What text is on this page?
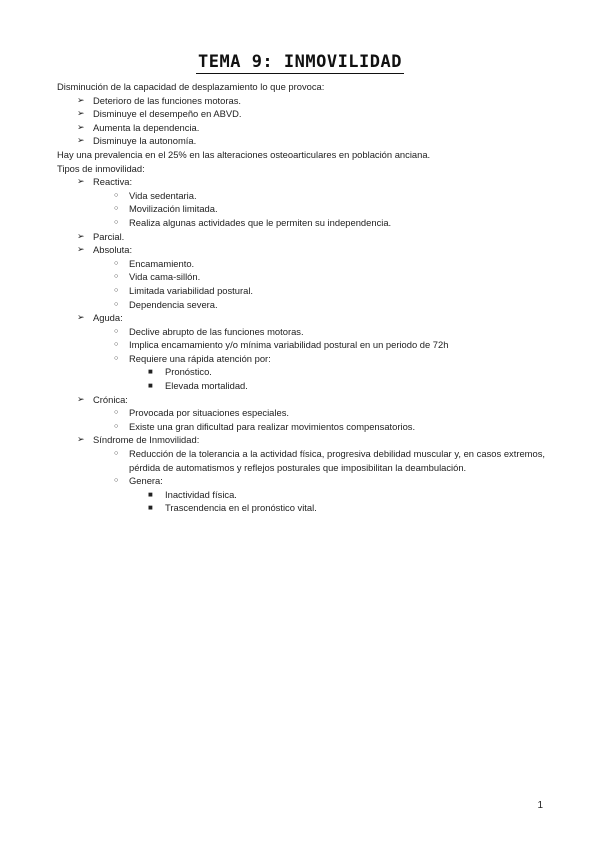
TEMA 9: INMOVILIDAD
Disminución de la capacidad de desplazamiento lo que provoca:
➢ Deterioro de las funciones motoras.
➢ Disminuye el desempeño en ABVD.
➢ Aumenta la dependencia.
➢ Disminuye la autonomía.
Hay una prevalencia en el 25% en las alteraciones osteoarticulares en población anciana.
Tipos de inmovilidad:
➢ Reactiva:
○ Vida sedentaria.
○ Movilización limitada.
○ Realiza algunas actividades que le permiten su independencia.
➢ Parcial.
➢ Absoluta:
○ Encamamiento.
○ Vida cama-sillón.
○ Limitada variabilidad postural.
○ Dependencia severa.
➢ Aguda:
○ Declive abrupto de las funciones motoras.
○ Implica encamamiento y/o mínima variabilidad postural en un periodo de 72h
○ Requiere una rápida atención por:
■ Pronóstico.
■ Elevada mortalidad.
➢ Crónica:
○ Provocada por situaciones especiales.
○ Existe una gran dificultad para realizar movimientos compensatorios.
➢ Síndrome de Inmovilidad:
○ Reducción de la tolerancia a la actividad física, progresiva debilidad muscular y, en casos extremos, pérdida de automatismos y reflejos posturales que imposibilitan la deambulación.
○ Genera:
■ Inactividad física.
■ Trascendencia en el pronóstico vital.
1
